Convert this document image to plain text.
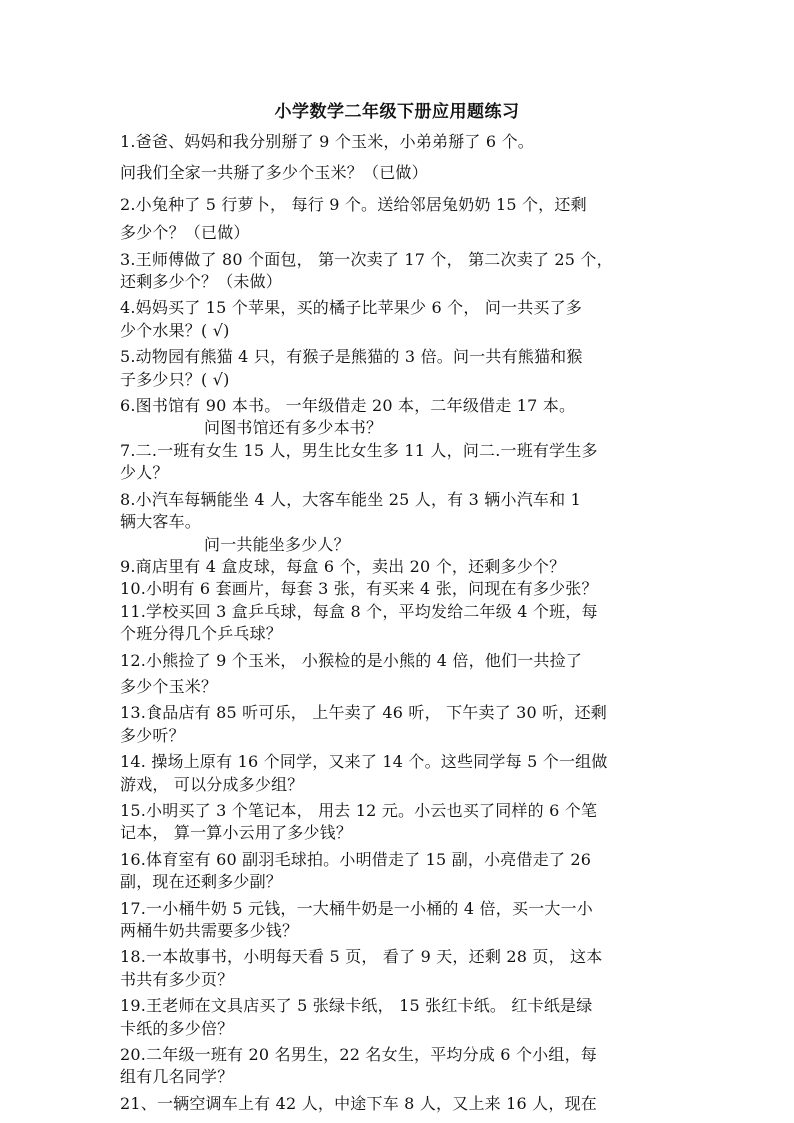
小学数学二年级下册应用题练习
1.爸爸、妈妈和我分别掰了 9 个玉米，小弟弟掰了 6 个。
问我们全家一共掰了多少个玉米？（已做）
2.小兔种了 5 行萝卜， 每行 9 个。送给邻居兔奶奶 15 个，还剩
多少个？（已做）
3.王师傅做了 80 个面包， 第一次卖了 17 个， 第二次卖了 25 个，
还剩多少个？（未做）
4.妈妈买了 15 个苹果，买的橘子比苹果少 6 个， 问一共买了多
少个水果？( √)
5.动物园有熊猫 4 只，有猴子是熊猫的 3 倍。问一共有熊猫和猴
子多少只？( √)
6.图书馆有 90 本书。 一年级借走 20 本，二年级借走 17 本。
问图书馆还有多少本书？
7.二.一班有女生 15 人，男生比女生多 11 人，问二.一班有学生多
少人？
8.小汽车每辆能坐 4 人，大客车能坐 25 人，有 3 辆小汽车和 1
辆大客车。
问一共能坐多少人？
9.商店里有 4 盒皮球，每盒 6 个，卖出 20 个，还剩多少个？
10.小明有 6 套画片，每套 3 张，有买来 4 张，问现在有多少张？
11.学校买回 3 盒乒乓球，每盒 8 个，平均发给二年级 4 个班，每
个班分得几个乒乓球？
12.小熊捡了 9 个玉米， 小猴检的是小熊的 4 倍，他们一共捡了
多少个玉米？
13.食品店有 85 听可乐， 上午卖了 46 听， 下午卖了 30 听，还剩
多少听？
14. 操场上原有 16 个同学，又来了 14 个。这些同学每 5 个一组做
游戏， 可以分成多少组？
15.小明买了 3 个笔记本， 用去 12 元。小云也买了同样的 6 个笔
记本， 算一算小云用了多少钱？
16.体育室有 60 副羽毛球拍。小明借走了 15 副，小亮借走了 26
副，现在还剩多少副？
17.一小桶牛奶 5 元钱，一大桶牛奶是一小桶的 4 倍，买一大一小
两桶牛奶共需要多少钱？
18.一本故事书，小明每天看 5 页， 看了 9 天，还剩 28 页， 这本
书共有多少页？
19.王老师在文具店买了 5 张绿卡纸， 15 张红卡纸。 红卡纸是绿
卡纸的多少倍？
20.二年级一班有 20 名男生，22 名女生，平均分成 6 个小组，每
组有几名同学？
21、一辆空调车上有 42 人，中途下车 8 人，又上来 16 人，现在
